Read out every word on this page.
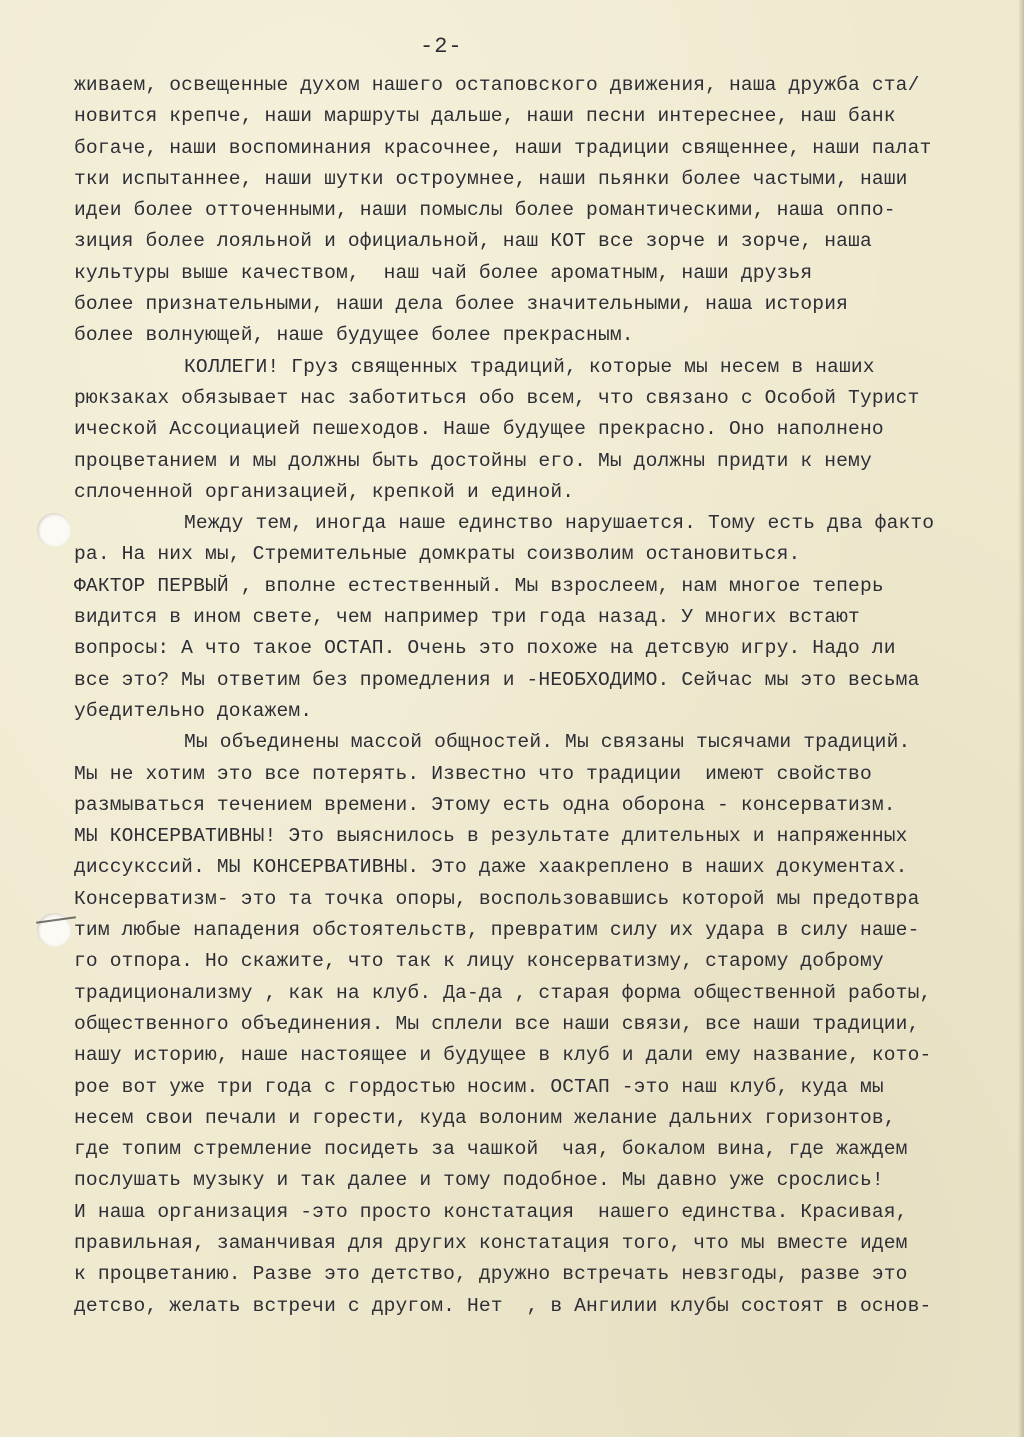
-2-
живаем, освещенные духом нашего остаповского движения, наша дружба ста/
новится крепче, наши маршруты дальше, наши песни интереснее, наш банк
богаче, наши воспоминания красочнее, наши традиции священнее, наши палат
тки испытаннее, наши шутки остроумнее, наши пьянки более частыми, наши
идеи более отточенными, наши помыслы более романтическими, наша оппо-
зиция более лояльной и официальной, наш КОТ все зорче и зорче, наша
культуры выше качеством,  наш чай более ароматным, наши друзья
более признательными, наши дела более значительными, наша история
более волнующей, наше будущее более прекрасным.
КОЛЛЕГИ! Груз священных традиций, которые мы несем в наших
рюкзаках обязывает нас заботиться обо всем, что связано с Особой Турист
ической Ассоциацией пешеходов. Наше будущее прекрасно. Оно наполнено
процветанием и мы должны быть достойны его. Мы должны придти к нему
сплоченной организацией, крепкой и единой.
Между тем, иногда наше единство нарушается. Тому есть два факто
ра. На них мы, Стремительные домкраты соизволим остановиться.
ФАКТОР ПЕРВЫЙ , вполне естественный. Мы взрослеем, нам многое теперь
видится в ином свете, чем например три года назад. У многих встают
вопросы: А что такое ОСТАП. Очень это похоже на детсвую игру. Надо ли
все это? Мы ответим без промедления и -НЕОБХОДИМО. Сейчас мы это весьма
убедительно докажем.
Мы объединены массой общностей. Мы связаны тысячами традиций.
Мы не хотим это все потерять. Известно что традиции  имеют свойство
размываться течением времени. Этому есть одна оборона - консерватизм.
МЫ КОНСЕРВАТИВНЫ! Это выяснилось в результате длительных и напряженных
диссуксcий. МЫ КОНСЕРВАТИВНЫ. Это даже хаакреплено в наших документах.
Консерватизм- это та точка опоры, воспользовавшись которой мы предотвра
тим любые нападения обстоятельств, превратим силу их удара в силу наше-
го отпора. Но скажите, что так к лицу консерватизму, старому доброму
традиционализму , как на клуб. Да-да , старая форма общественной работы,
общественного объединения. Мы сплели все наши связи, все наши традиции,
нашу историю, наше настоящее и будущее в клуб и дали ему название, кото-
рое вот уже три года с гордостью носим. ОСТАП -это наш клуб, куда мы
несем свои печали и горести, куда волоним желание дальних горизонтов,
где топим стремление посидеть за чашкой  чая, бокалом вина, где жаждем
послушать музыку и так далее и тому подобное. Мы давно уже срослись!
И наша организация -это просто констатация  нашего единства. Красивая,
правильная, заманчивая для других констатация того, что мы вместе идем
к процветанию. Разве это детство, дружно встречать невзгоды, разве это
детсво, желать встречи с другом. Нет  , в Ангилии клубы состоят в основ-
